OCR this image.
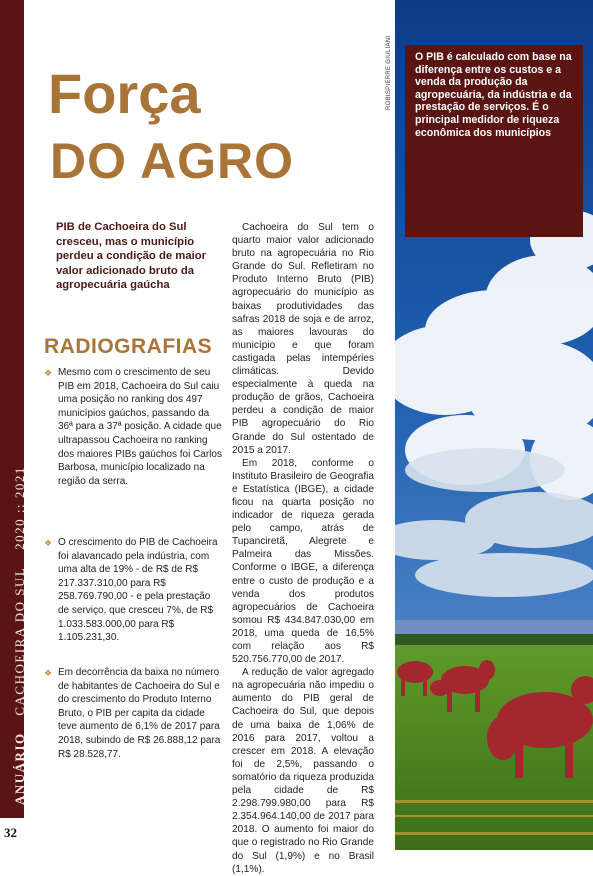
ANUÁRIO CACHOEIRA DO SUL 2020 :: 2021
32
Força
DO AGRO
ROBISPIERRE GIULIANI
PIB de Cachoeira do Sul cresceu, mas o município perdeu a condição de maior valor adicionado bruto da agropecuária gaúcha
RADIOGRAFIAS
❖ Mesmo com o crescimento de seu PIB em 2018, Cachoeira do Sul caiu uma posição no ranking dos 497 municípios gaúchos, passando da 36ª para a 37ª posição. A cidade que ultrapassou Cachoeira no ranking dos maiores PIBs gaúchos foi Carlos Barbosa, município localizado na região da serra.
❖ O crescimento do PIB de Cachoeira foi alavancado pela indústria, com uma alta de 19% - de R$ de R$ 217.337.310,00 para R$ 258.769.790,00 - e pela prestação de serviço, que cresceu 7%, de R$ 1.033.583.000,00 para R$ 1.105.231,30.
❖ Em decorrência da baixa no número de habitantes de Cachoeira do Sul e do crescimento do Produto Interno Bruto, o PIB per capita da cidade teve aumento de 6,1% de 2017 para 2018, subindo de R$ 26.888,12 para R$ 28.528,77.

Cachoeira do Sul tem o quarto maior valor adicionado bruto na agropecuária no Rio Grande do Sul. Refletiram no Produto Interno Bruto (PIB) agropecuário do município as baixas produtividades das safras 2018 de soja e de arroz, as maiores lavouras do município e que foram castigada pelas intempéries climáticas. Devido especialmente à queda na produção de grãos, Cachoeira perdeu a condição de maior PIB agropecuário do Rio Grande do Sul ostentado de 2015 a 2017.

Em 2018, conforme o Instituto Brasileiro de Geografia e Estatística (IBGE), a cidade ficou na quarta posição no indicador de riqueza gerada pelo campo, atrás de Tupanciretã, Alegrete e Palmeira das Missões. Conforme o IBGE, a diferença entre o custo de produção e a venda dos produtos agropecuários de Cachoeira somou R$ 434.847.030,00 em 2018, uma queda de 16,5% com relação aos R$ 520.756.770,00 de 2017.

A redução de valor agregado na agropecuária não impediu o aumento do PIB geral de Cachoeira do Sul, que depois de uma baixa de 1,06% de 2016 para 2017, voltou a crescer em 2018. A elevação foi de 2,5%, passando o somatório da riqueza produzida pela cidade de R$ 2.298.799.980,00 para R$ 2.354.964.140,00 de 2017 para 2018. O aumento foi maior do que o registrado no Rio Grande do Sul (1,9%) e no Brasil (1,1%).

O PIB é calculado com base na diferença entre os custos e a venda da produção da agropecuária, da indústria e da prestação de serviços. É o principal medidor de riqueza econômica dos municípios
